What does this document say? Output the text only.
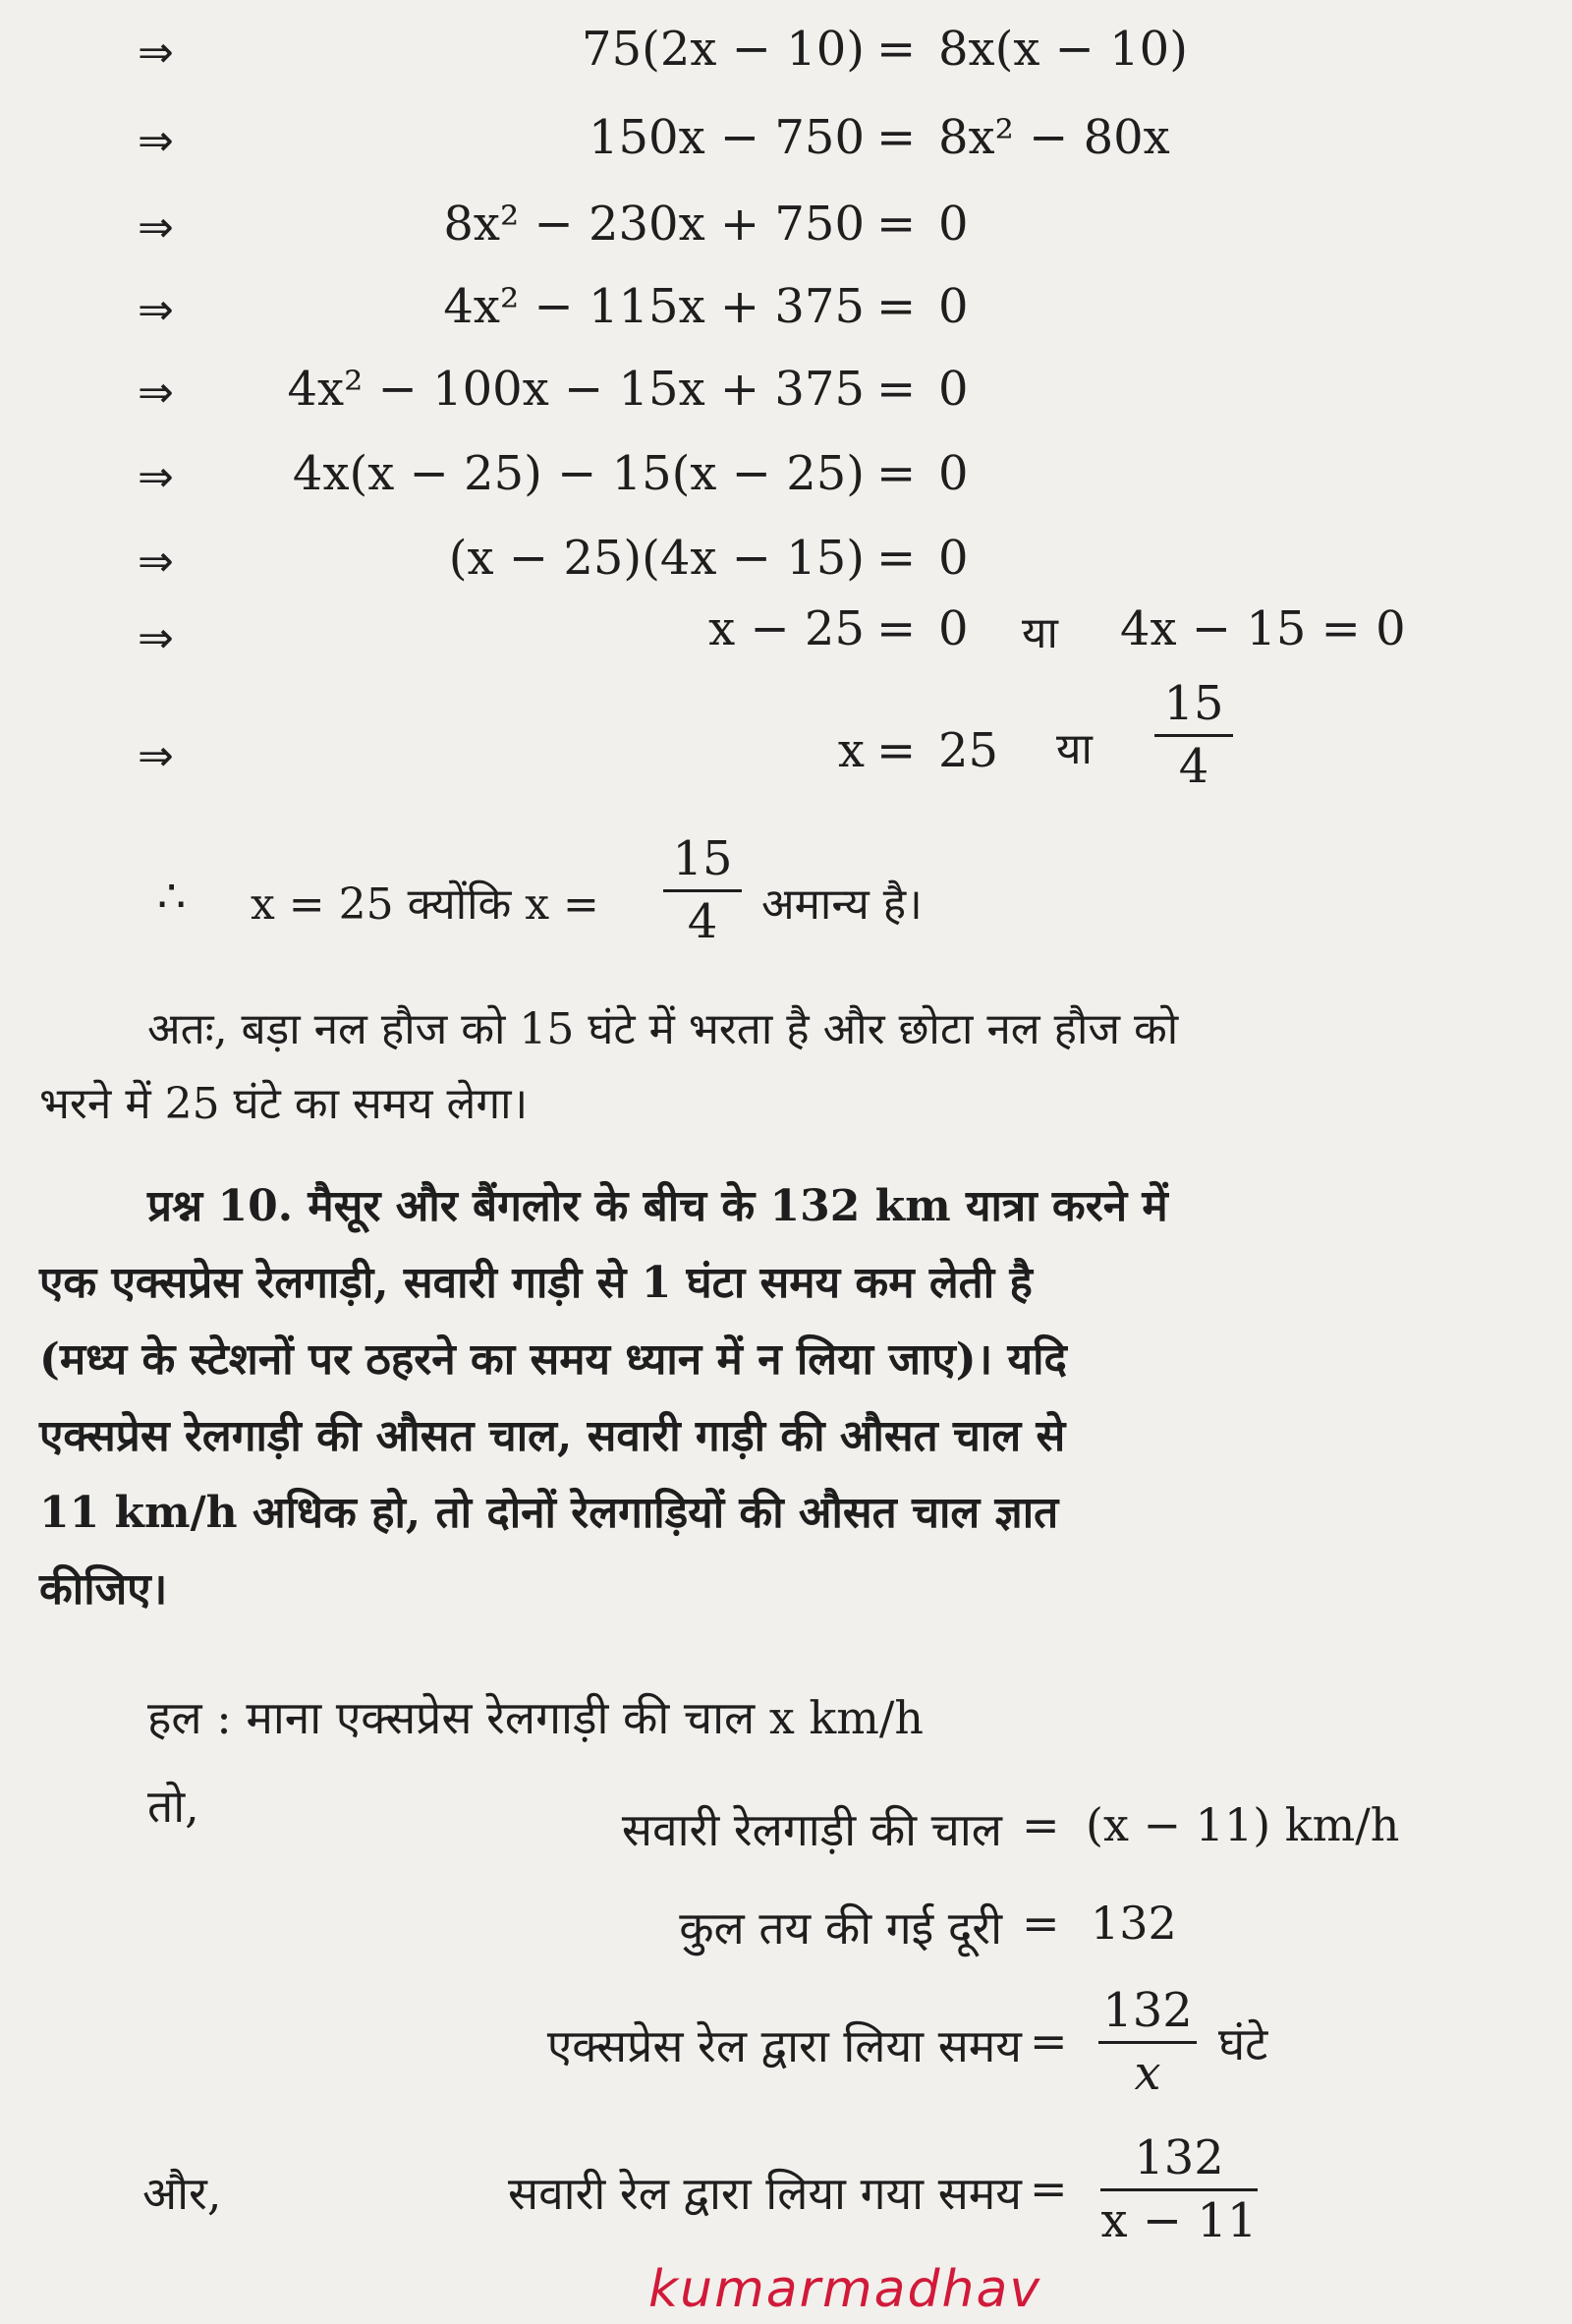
⇒	75(2x − 10) = 8x(x − 10)
⇒	150x − 750 = 8x² − 80x
⇒	8x² − 230x + 750 = 0
⇒	4x² − 115x + 375 = 0
⇒	4x² − 100x − 15x + 375 = 0
⇒	4x(x − 25) − 15(x − 25) = 0
⇒	(x − 25)(4x − 15) = 0
⇒	x − 25 = 0 या 4x − 15 = 0
⇒	x = 25 या
15
4
∴ x = 25 क्योंकि x =
15
4	अमान्य है।
अतः, बड़ा नल हौज को 15 घंटे में भरता है और छोटा नल हौज को
भरने में 25 घंटे का समय लेगा।
प्रश्न 10. मैसूर और बैंगलोर के बीच के 132 km यात्रा करने में
एक एक्सप्रेस रेलगाड़ी, सवारी गाड़ी से 1 घंटा समय कम लेती है
(मध्य के स्टेशनों पर ठहरने का समय ध्यान में न लिया जाए)। यदि
एक्सप्रेस रेलगाड़ी की औसत चाल, सवारी गाड़ी की औसत चाल से
11 km/h अधिक हो, तो दोनों रेलगाड़ियों की औसत चाल ज्ञात
कीजिए।
हल : माना एक्सप्रेस रेलगाड़ी की चाल x km/h
तो,	सवारी रेलगाड़ी की चाल = (x − 11) km/h
कुल तय की गई दूरी = 132
एक्सप्रेस रेल द्वारा लिया समय =
132
x
घंटे
और,	सवारी रेल द्वारा लिया गया समय =
132
x − 11
kumarmadhav
